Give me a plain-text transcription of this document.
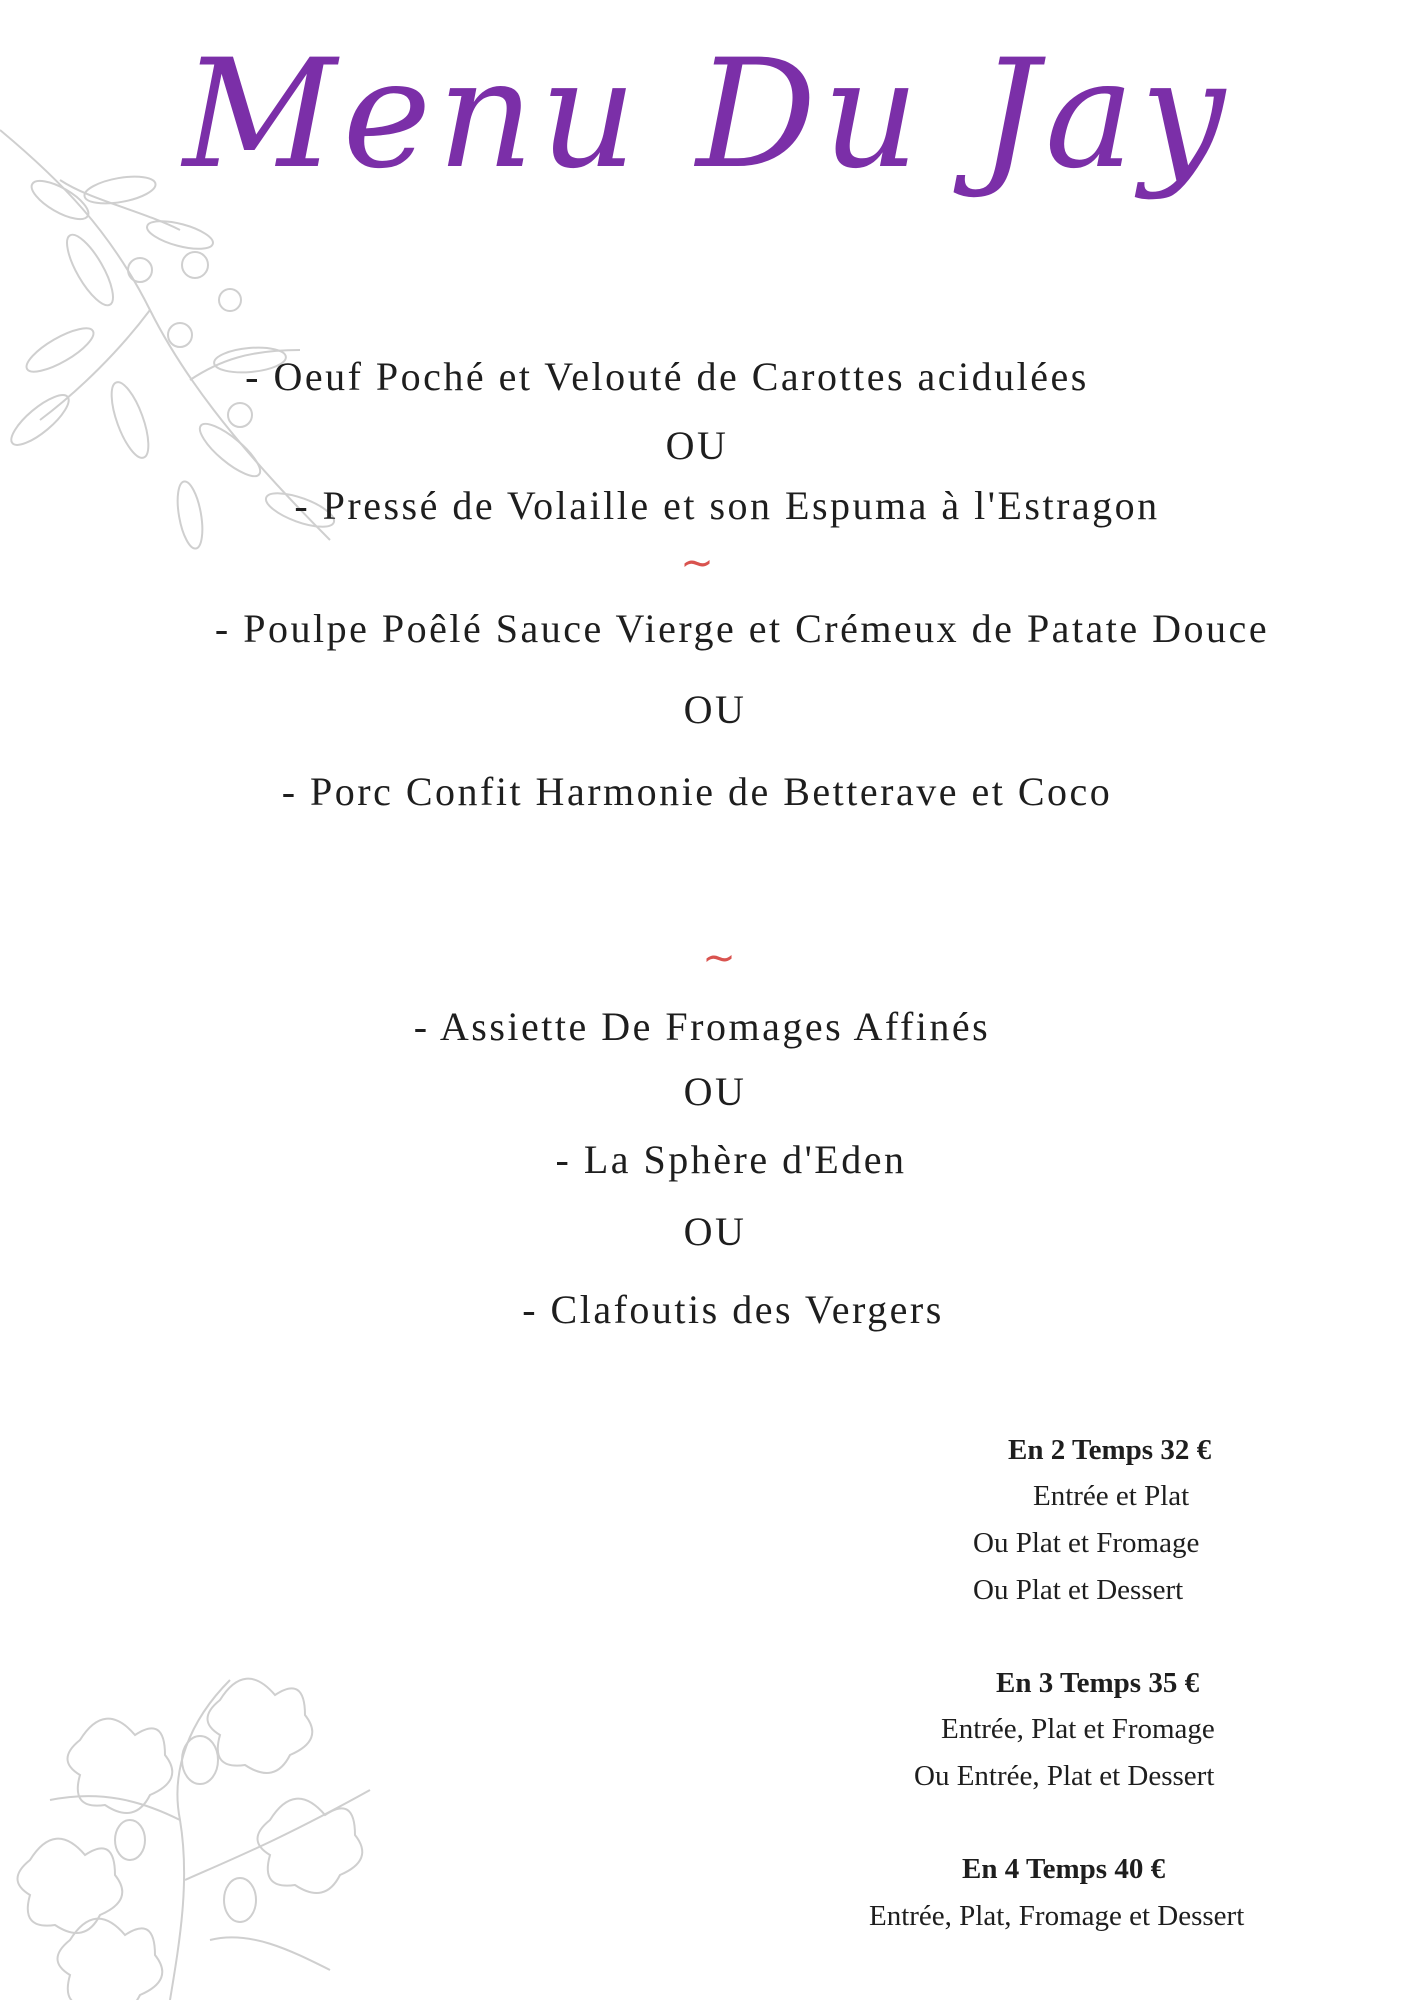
Menu Du Jay
- Oeuf Poché et Velouté de Carottes acidulées
OU
- Pressé de Volaille et son Espuma à l'Estragon
~
- Poulpe Poêlé Sauce Vierge et Crémeux de Patate Douce
OU
- Porc Confit Harmonie de Betterave et Coco
~
- Assiette De Fromages Affinés
OU
- La Sphère d'Eden
OU
- Clafoutis des Vergers
En 2 Temps 32 €
Entrée et Plat
Ou Plat et Fromage
Ou Plat et Dessert
En 3 Temps 35 €
Entrée, Plat et Fromage
Ou Entrée, Plat et Dessert
En 4 Temps 40 €
Entrée, Plat, Fromage et Dessert
